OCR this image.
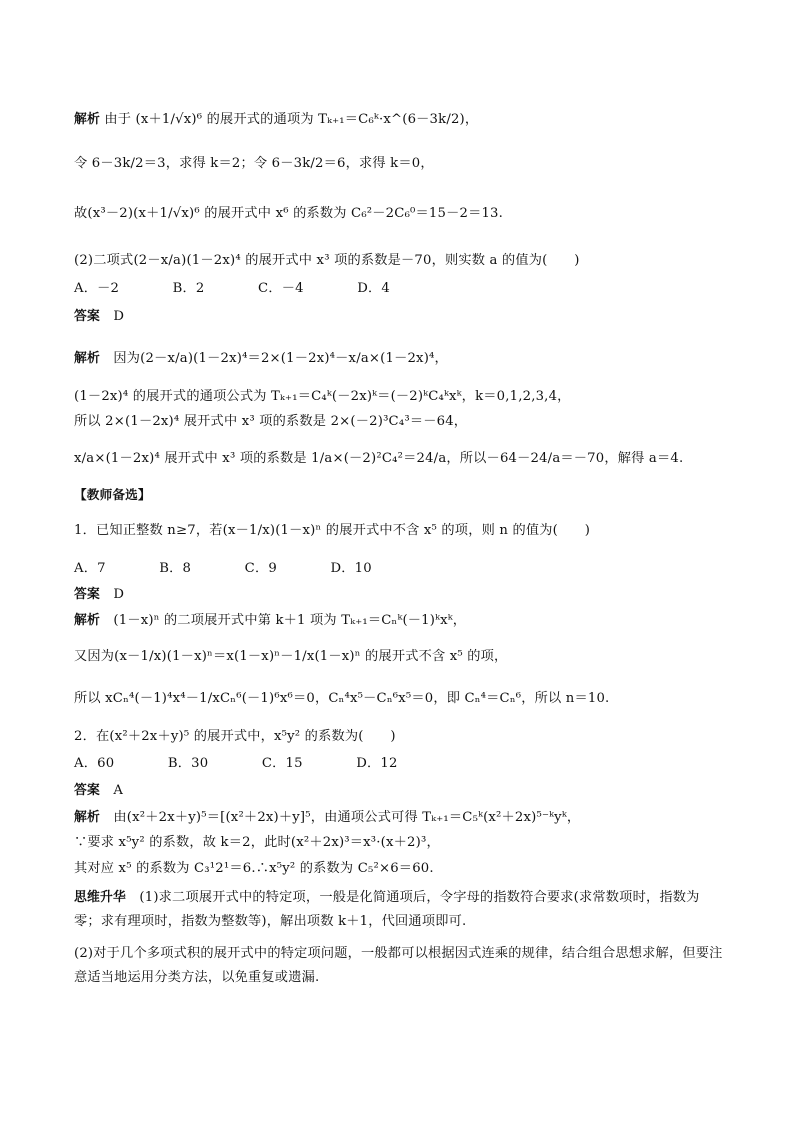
解析 由于 (x＋1/√x)⁶ 的展开式的通项为 Tₖ₊₁＝C₆ᵏ·x^(6－3k/2)，
令 6－3k/2＝3，求得 k＝2；令 6－3k/2＝6，求得 k＝0，
故(x³－2)(x＋1/√x)⁶ 的展开式中 x⁶ 的系数为 C₆²－2C₆⁰＝15－2＝13.
(2)二项式(2－x/a)(1－2x)⁴ 的展开式中 x³ 项的系数是－70，则实数 a 的值为(　　)
A．－2　　　　B．2　　　　C．－4　　　　D．4
答案　D
解析　因为(2－x/a)(1－2x)⁴＝2×(1－2x)⁴－x/a×(1－2x)⁴，
(1－2x)⁴ 的展开式的通项公式为 Tₖ₊₁＝C₄ᵏ(－2x)ᵏ＝(－2)ᵏC₄ᵏxᵏ，k＝0,1,2,3,4，
所以 2×(1－2x)⁴ 展开式中 x³ 项的系数是 2×(－2)³C₄³＝－64，
x/a×(1－2x)⁴ 展开式中 x³ 项的系数是 1/a×(－2)²C₄²＝24/a，所以－64－24/a＝－70，解得 a＝4.
【教师备选】
1．已知正整数 n≥7，若(x－1/x)(1－x)ⁿ 的展开式中不含 x⁵ 的项，则 n 的值为(　　)
A．7　　　　B．8　　　　C．9　　　　D．10
答案　D
解析　(1－x)ⁿ 的二项展开式中第 k＋1 项为 Tₖ₊₁＝Cₙᵏ(－1)ᵏxᵏ，
又因为(x－1/x)(1－x)ⁿ＝x(1－x)ⁿ－1/x(1－x)ⁿ 的展开式不含 x⁵ 的项，
所以 xCₙ⁴(－1)⁴x⁴－1/xCₙ⁶(－1)⁶x⁶＝0，Cₙ⁴x⁵－Cₙ⁶x⁵＝0，即 Cₙ⁴＝Cₙ⁶，所以 n＝10.
2．在(x²＋2x＋y)⁵ 的展开式中，x⁵y² 的系数为(　　)
A．60　　　　B．30　　　　C．15　　　　D．12
答案　A
解析　由(x²＋2x＋y)⁵＝[(x²＋2x)＋y]⁵，由通项公式可得 Tₖ₊₁＝C₅ᵏ(x²＋2x)⁵⁻ᵏyᵏ，
∵要求 x⁵y² 的系数，故 k＝2，此时(x²＋2x)³＝x³·(x＋2)³，
其对应 x⁵ 的系数为 C₃¹2¹＝6.∴x⁵y² 的系数为 C₅²×6＝60.
思维升华　(1)求二项展开式中的特定项，一般是化简通项后，令字母的指数符合要求(求常数项时，指数为零；求有理项时，指数为整数等)，解出项数 k＋1，代回通项即可.
(2)对于几个多项式积的展开式中的特定项问题，一般都可以根据因式连乘的规律，结合组合思想求解，但要注意适当地运用分类方法，以免重复或遗漏.
